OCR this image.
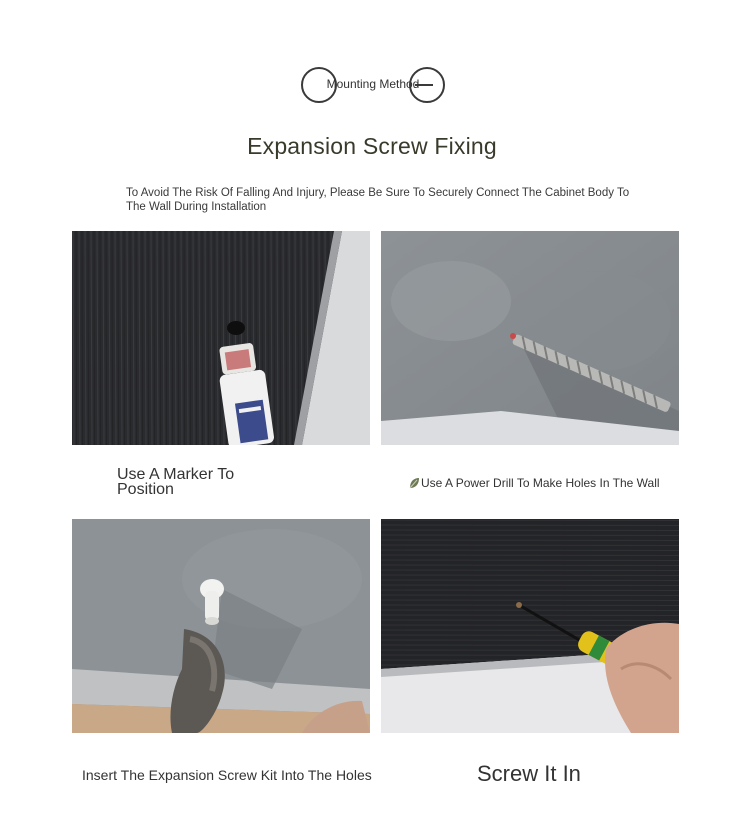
Mounting Method
Expansion Screw Fixing
To Avoid The Risk Of Falling And Injury, Please Be Sure To Securely Connect The Cabinet Body To The Wall During Installation
Use A Marker To Position	Use A Power Drill To Make Holes In The Wall
Insert The Expansion Screw Kit Into The Holes	Screw It In
